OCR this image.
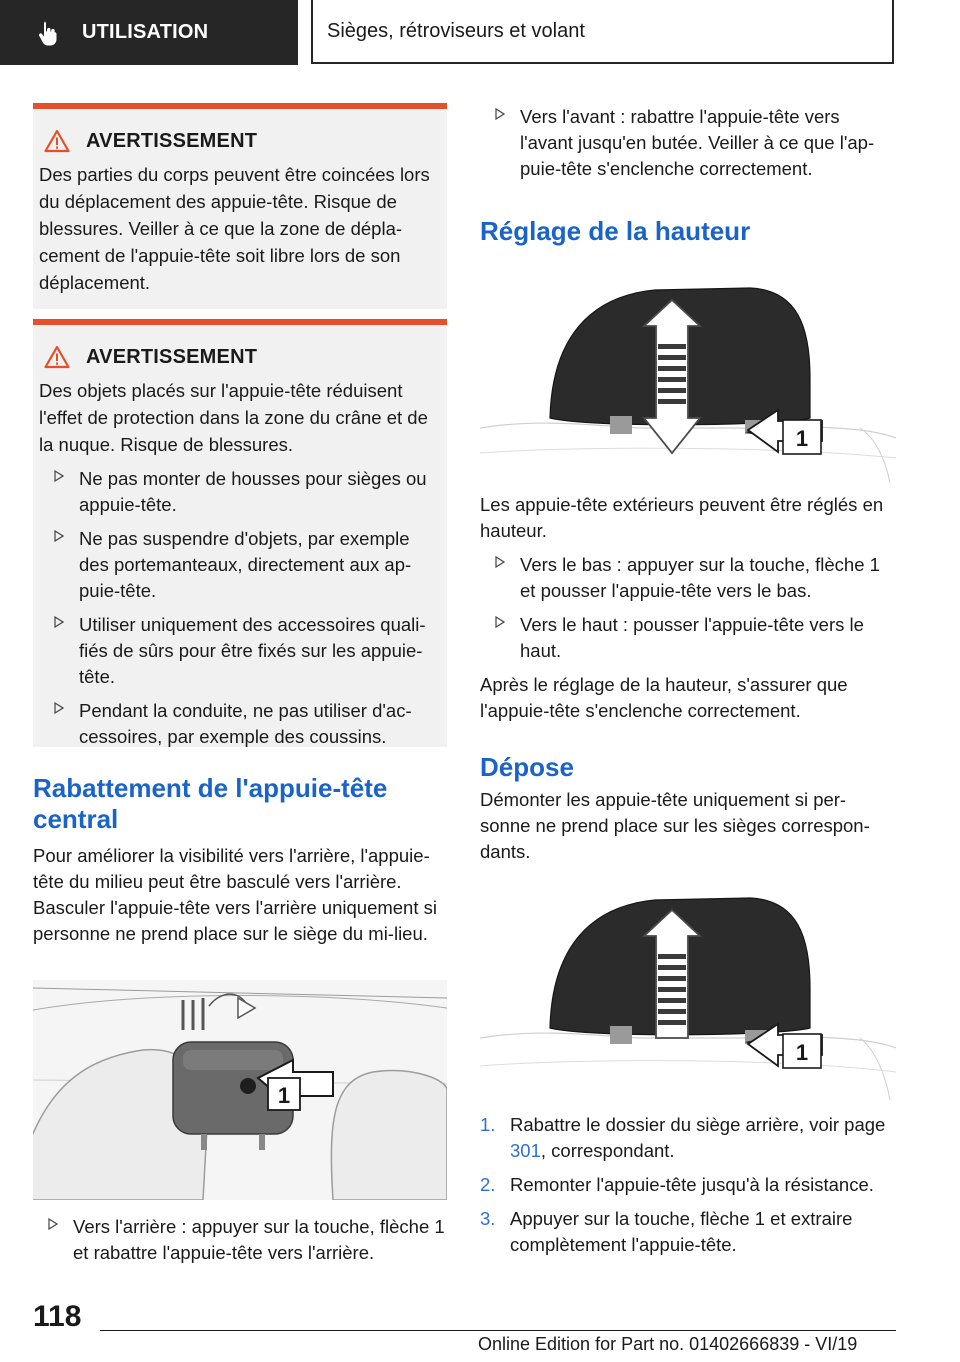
UTILISATION	Sièges, rétroviseurs et volant
AVERTISSEMENT

Des parties du corps peuvent être coincées lors du déplacement des appuie-tête. Risque de blessures. Veiller à ce que la zone de dépla-cement de l'appuie-tête soit libre lors de son déplacement.

AVERTISSEMENT

Des objets placés sur l'appuie-tête réduisent l'effet de protection dans la zone du crâne et de la nuque. Risque de blessures.

Ne pas monter de housses pour sièges ou appuie-tête.
Ne pas suspendre d'objets, par exemple des portemanteaux, directement aux ap-puie-tête.
Utiliser uniquement des accessoires quali-fiés de sûrs pour être fixés sur les appuie-tête.
Pendant la conduite, ne pas utiliser d'ac-cessoires, par exemple des coussins.
Rabattement de l'appuie-tête central

Pour améliorer la visibilité vers l'arrière, l'appuie-tête du milieu peut être basculé vers l'arrière. Basculer l'appuie-tête vers l'arrière uniquement si personne ne prend place sur le siège du mi-lieu.

1
Vers l'arrière : appuyer sur la touche, flèche 1 et rabattre l'appuie-tête vers l'arrière.
Vers l'avant : rabattre l'appuie-tête vers l'avant jusqu'en butée. Veiller à ce que l'ap-puie-tête s'enclenche correctement.
Réglage de la hauteur
1

Les appuie-tête extérieurs peuvent être réglés en hauteur.

Vers le bas : appuyer sur la touche, flèche 1 et pousser l'appuie-tête vers le bas.
Vers le haut : pousser l'appuie-tête vers le haut.

Après le réglage de la hauteur, s'assurer que l'appuie-tête s'enclenche correctement.

Dépose

Démonter les appuie-tête uniquement si per-sonne ne prend place sur les sièges correspon-dants.

1
1. Rabattre le dossier du siège arrière, voir page 301, correspondant.
2. Remonter l'appuie-tête jusqu'à la résistance.
3. Appuyer sur la touche, flèche 1 et extraire complètement l'appuie-tête.
118
Online Edition for Part no. 01402666839 - VI/19
